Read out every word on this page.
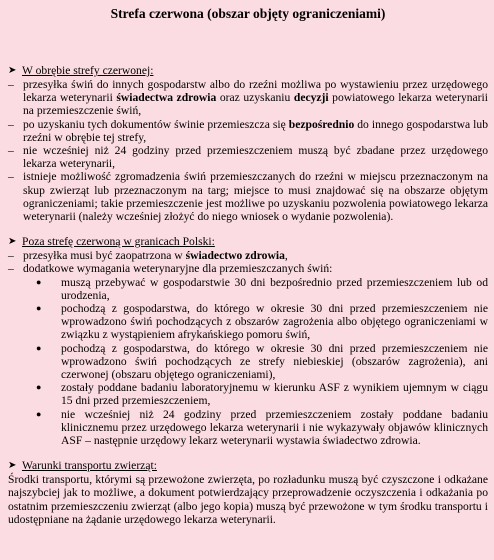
Strefa czerwona (obszar objęty ograniczeniami)
➤ W obrębie strefy czerwonej:
– przesyłka świń do innych gospodarstw albo do rzeźni możliwa po wystawieniu przez urzędowego lekarza weterynarii świadectwa zdrowia oraz uzyskaniu decyzji powiatowego lekarza weterynarii na przemieszczenie świń,
– po uzyskaniu tych dokumentów świnie przemieszcza się bezpośrednio do innego gospodarstwa lub rzeźni w obrębie tej strefy,
– nie wcześniej niż 24 godziny przed przemieszczeniem muszą być zbadane przez urzędowego lekarza weterynarii,
– istnieje możliwość zgromadzenia świń przemieszczanych do rzeźni w miejscu przeznaczonym na skup zwierząt lub przeznaczonym na targ; miejsce to musi znajdować się na obszarze objętym ograniczeniami; takie przemieszczenie jest możliwe po uzyskaniu pozwolenia powiatowego lekarza weterynarii (należy wcześniej złożyć do niego wniosek o wydanie pozwolenia).
➤ Poza strefę czerwoną w granicach Polski:
– przesyłka musi być zaopatrzona w świadectwo zdrowia,
– dodatkowe wymagania weterynaryjne dla przemieszczanych świń:
●	muszą przebywać w gospodarstwie 30 dni bezpośrednio przed przemieszczeniem lub od urodzenia,
●	pochodzą z gospodarstwa, do którego w okresie 30 dni przed przemieszczeniem nie wprowadzono świń pochodzących z obszarów zagrożenia albo objętego ograniczeniami w związku z wystąpieniem afrykańskiego pomoru świń,
●	pochodzą z gospodarstwa, do którego w okresie 30 dni przed przemieszczeniem nie wprowadzono świń pochodzących ze strefy niebieskiej (obszarów zagrożenia), ani czerwonej (obszaru objętego ograniczeniami),
●	zostały poddane badaniu laboratoryjnemu w kierunku ASF z wynikiem ujemnym w ciągu 15 dni przed przemieszczeniem,
●	nie wcześniej niż 24 godziny przed przemieszczeniem zostały poddane badaniu klinicznemu przez urzędowego lekarza weterynarii i nie wykazywały objawów klinicznych ASF – następnie urzędowy lekarz weterynarii wystawia świadectwo zdrowia.
➤ Warunki transportu zwierząt:
Środki transportu, którymi są przewożone zwierzęta, po rozładunku muszą być czyszczone i odkażane najszybciej jak to możliwe, a dokument potwierdzający przeprowadzenie oczyszczenia i odkażania po ostatnim przemieszczeniu zwierząt (albo jego kopia) muszą być przewożone w tym środku transportu i udostępniane na żądanie urzędowego lekarza weterynarii.
